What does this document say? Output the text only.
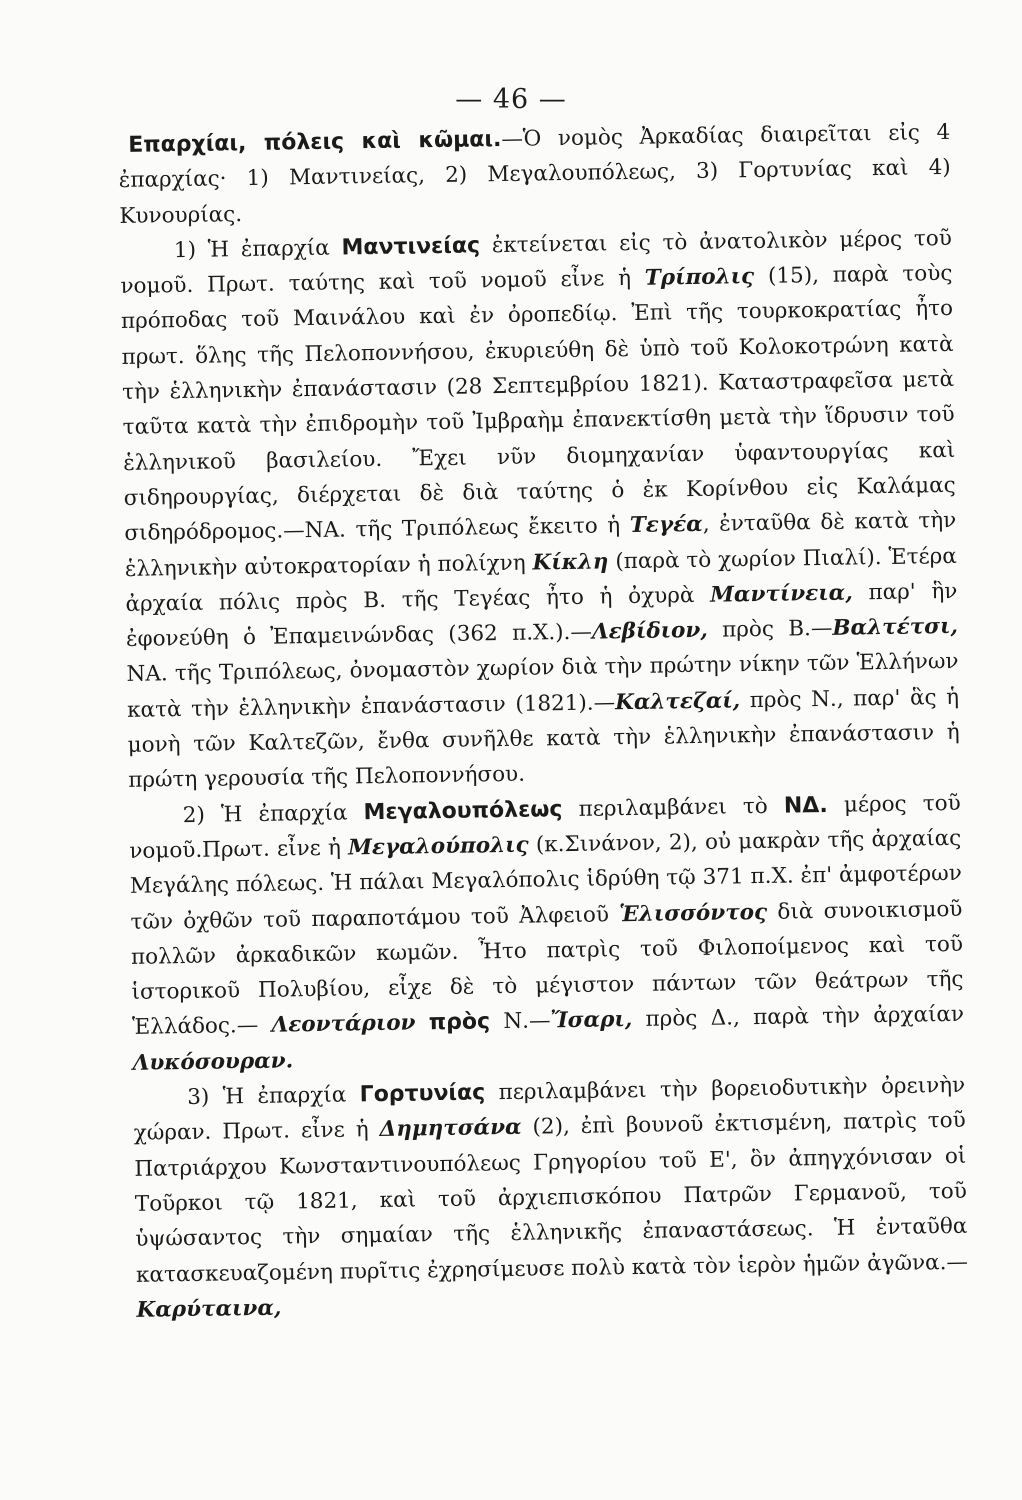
— 46 —

Επαρχίαι, πόλεις καὶ κῶμαι.—Ὁ νομὸς Ἀρκαδίας διαιρεῖται εἰς 4 ἐπαρχίας· 1) Μαντινείας, 2) Μεγαλουπόλεως, 3) Γορτυνίας καὶ 4) Κυνουρίας.

1) Ἡ ἐπαρχία Μαντινείας ἐκτείνεται εἰς τὸ ἀνατολικὸν μέρος τοῦ νομοῦ. Πρωτ. ταύτης καὶ τοῦ νομοῦ εἶνε ἡ Τρίπολις (15), παρὰ τοὺς πρόποδας τοῦ Μαινάλου καὶ ἐν ὀροπεδίῳ. Ἐπὶ τῆς τουρκοκρατίας ἦτο πρωτ. ὅλης τῆς Πελοποννήσου, ἐκυριεύθη δὲ ὑπὸ τοῦ Κολοκοτρώνη κατὰ τὴν ἑλληνικὴν ἐπανάστασιν (28 Σεπτεμβρίου 1821). Καταστραφεῖσα μετὰ ταῦτα κατὰ τὴν ἐπιδρομὴν τοῦ Ἰμβραὴμ ἐπανεκτίσθη μετὰ τὴν ἵδρυσιν τοῦ ἑλληνικοῦ βασιλείου. Ἔχει νῦν διομηχανίαν ὑφαντουργίας καὶ σιδηρουργίας, διέρχεται δὲ διὰ ταύτης ὁ ἐκ Κορίνθου εἰς Καλάμας σιδηρόδρομος.—ΝΑ. τῆς Τριπόλεως ἔκειτο ἡ Τεγέα, ἐνταῦθα δὲ κατὰ τὴν ἑλληνικὴν αὐτοκρατορίαν ἡ πολίχνη Κίκλη (παρὰ τὸ χωρίον Πιαλί). Ἑτέρα ἀρχαία πόλις πρὸς Β. τῆς Τεγέας ἦτο ἡ ὀχυρὰ Μαντίνεια, παρ' ἣν ἐφονεύθη ὁ Ἐπαμεινώνδας (362 π.Χ.).—Λεβίδιον, πρὸς Β.—Βαλτέτσι, ΝΑ. τῆς Τριπόλεως, ὀνομαστὸν χωρίον διὰ τὴν πρώτην νίκην τῶν Ἑλλήνων κατὰ τὴν ἑλληνικὴν ἐπανάστασιν (1821).—Καλτεζαί, πρὸς Ν., παρ' ἃς ἡ μονὴ τῶν Καλτεζῶν, ἔνθα συνῆλθε κατὰ τὴν ἑλληνικὴν ἐπανάστασιν ἡ πρώτη γερουσία τῆς Πελοποννήσου.

2) Ἡ ἐπαρχία Μεγαλουπόλεως περιλαμβάνει τὸ ΝΔ. μέρος τοῦ νομοῦ.Πρωτ. εἶνε ἡ Μεγαλούπολις (κ.Σινάνον, 2), οὐ μακρὰν τῆς ἀρχαίας Μεγάλης πόλεως. Ἡ πάλαι Μεγαλόπολις ἱδρύθη τῷ 371 π.Χ. ἐπ' ἀμφοτέρων τῶν ὀχθῶν τοῦ παραποτάμου τοῦ Ἀλφειοῦ Ἑλισσόντος διὰ συνοικισμοῦ πολλῶν ἀρκαδικῶν κωμῶν. Ἦτο πατρὶς τοῦ Φιλοποίμενος καὶ τοῦ ἱστορικοῦ Πολυβίου, εἶχε δὲ τὸ μέγιστον πάντων τῶν θεάτρων τῆς Ἑλλάδος.— Λεοντάριον πρὸς Ν.—Ἴσαρι, πρὸς Δ., παρὰ τὴν ἀρχαίαν Λυκόσουραν.

3) Ἡ ἐπαρχία Γορτυνίας περιλαμβάνει τὴν βορειοδυτικὴν ὀρεινὴν χώραν. Πρωτ. εἶνε ἡ Δημητσάνα (2), ἐπὶ βουνοῦ ἐκτισμένη, πατρὶς τοῦ Πατριάρχου Κωνσταντινουπόλεως Γρηγορίου τοῦ Ε', ὃν ἀπηγχόνισαν οἱ Τοῦρκοι τῷ 1821, καὶ τοῦ ἀρχιεπισκόπου Πατρῶν Γερμανοῦ, τοῦ ὑψώσαντος τὴν σημαίαν τῆς ἑλληνικῆς ἐπαναστάσεως. Ἡ ἐνταῦθα κατασκευαζομένη πυρῖτις ἐχρησίμευσε πολὺ κατὰ τὸν ἱερὸν ἡμῶν ἀγῶνα.— Καρύταινα,
